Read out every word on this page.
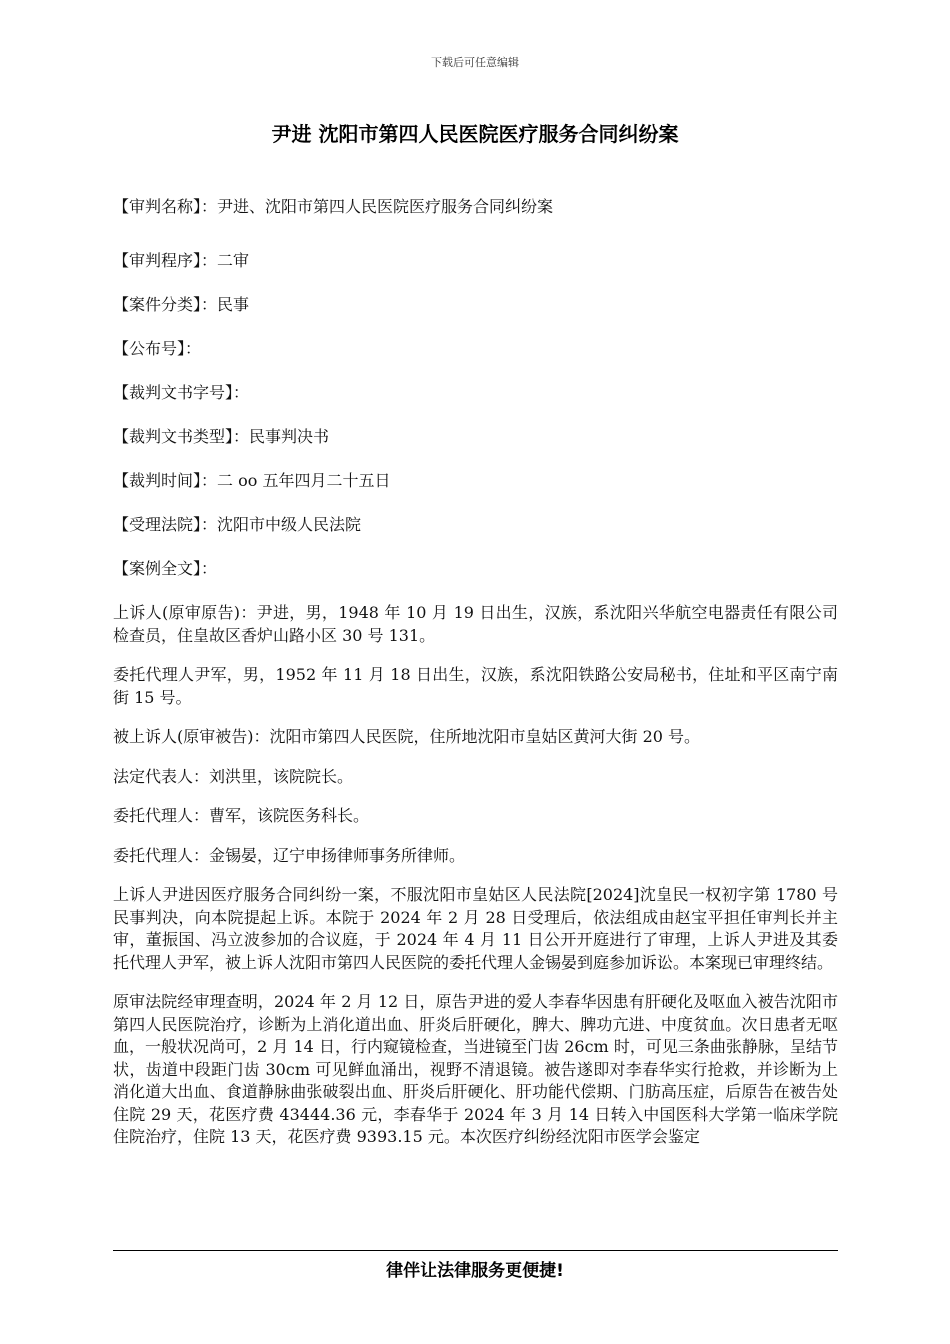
下载后可任意编辑
尹进 沈阳市第四人民医院医疗服务合同纠纷案
【审判名称】：尹进、沈阳市第四人民医院医疗服务合同纠纷案
【审判程序】：二审
【案件分类】：民事
【公布号】：
【裁判文书字号】：
【裁判文书类型】：民事判决书
【裁判时间】：二 oo 五年四月二十五日
【受理法院】：沈阳市中级人民法院
【案例全文】：

上诉人(原审原告)：尹进，男，1948 年 10 月 19 日出生，汉族，系沈阳兴华航空电器责任有限公司检查员，住皇故区香炉山路小区 30 号 131。

委托代理人尹军，男，1952 年 11 月 18 日出生，汉族，系沈阳铁路公安局秘书，住址和平区南宁南街 15 号。

被上诉人(原审被告)：沈阳市第四人民医院，住所地沈阳市皇姑区黄河大街 20 号。

法定代表人：刘洪里，该院院长。

委托代理人：曹军，该院医务科长。

委托代理人：金锡晏，辽宁申扬律师事务所律师。

上诉人尹进因医疗服务合同纠纷一案，不服沈阳市皇姑区人民法院[2024]沈皇民一权初字第 1780 号民事判决，向本院提起上诉。本院于 2024 年 2 月 28 日受理后，依法组成由赵宝平担任审判长并主审，董振国、冯立波参加的合议庭，于 2024 年 4 月 11 日公开开庭进行了审理，上诉人尹进及其委托代理人尹军，被上诉人沈阳市第四人民医院的委托代理人金锡晏到庭参加诉讼。本案现已审理终结。

原审法院经审理查明，2024 年 2 月 12 日，原告尹进的爱人李春华因患有肝硬化及呕血入被告沈阳市第四人民医院治疗，诊断为上消化道出血、肝炎后肝硬化，脾大、脾功亢进、中度贫血。次日患者无呕血，一般状况尚可，2 月 14 日，行内窥镜检查，当进镜至门齿 26cm 时，可见三条曲张静脉，呈结节状，齿道中段距门齿 30cm 可见鲜血涌出，视野不清退镜。被告遂即对李春华实行抢救，并诊断为上消化道大出血、食道静脉曲张破裂出血、肝炎后肝硬化、肝功能代偿期、门肪高压症，后原告在被告处住院 29 天，花医疗费 43444.36 元，李春华于 2024 年 3 月 14 日转入中国医科大学第一临床学院住院治疗，住院 13 天，花医疗费 9393.15 元。本次医疗纠纷经沈阳市医学会鉴定

律伴让法律服务更便捷!
